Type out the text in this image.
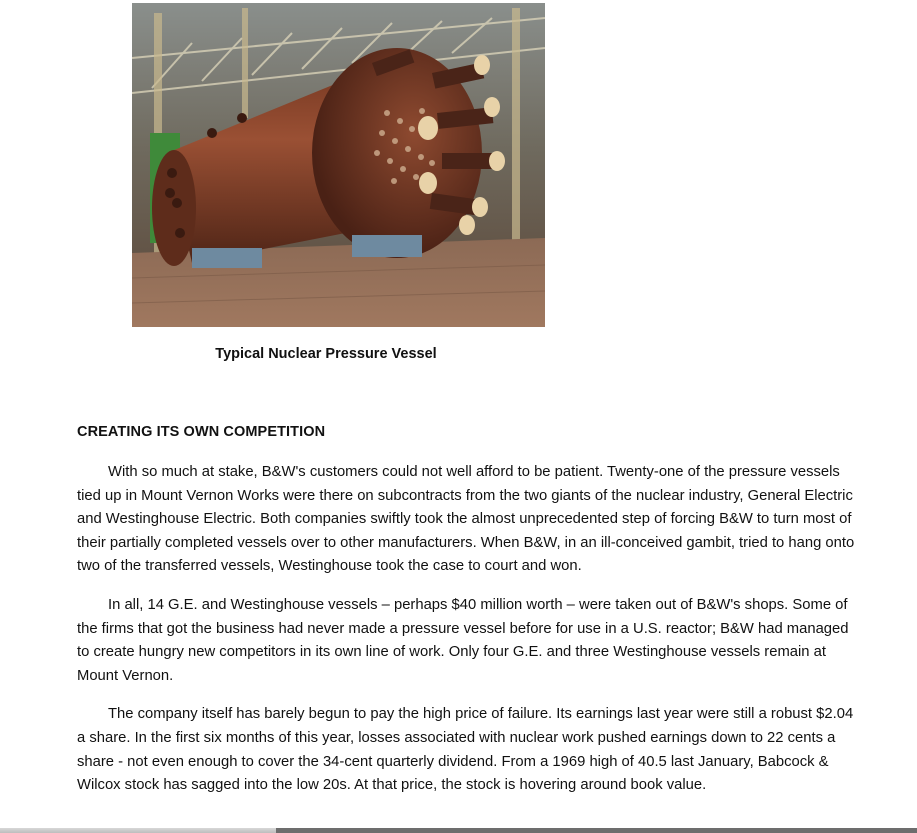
Typical Nuclear Pressure Vessel
CREATING ITS OWN COMPETITION

With so much at stake, B&W's customers could not well afford to be patient. Twenty-one of the pressure vessels tied up in Mount Vernon Works were there on subcontracts from the two giants of the nuclear industry, General Electric and Westinghouse Electric. Both companies swiftly took the almost unprecedented step of forcing B&W to turn most of their partially completed vessels over to other manufacturers. When B&W, in an ill-conceived gambit, tried to hang onto two of the transferred vessels, Westinghouse took the case to court and won.

In all, 14 G.E. and Westinghouse vessels – perhaps $40 million worth – were taken out of B&W's shops. Some of the firms that got the business had never made a pressure vessel before for use in a U.S. reactor; B&W had managed to create hungry new competitors in its own line of work. Only four G.E. and three Westinghouse vessels remain at Mount Vernon.

The company itself has barely begun to pay the high price of failure. Its earnings last year were still a robust $2.04 a share. In the first six months of this year, losses associated with nuclear work pushed earnings down to 22 cents a share - not even enough to cover the 34-cent quarterly dividend. From a 1969 high of 40.5 last January, Babcock & Wilcox stock has sagged into the low 20s. At that price, the stock is hovering around book value.
